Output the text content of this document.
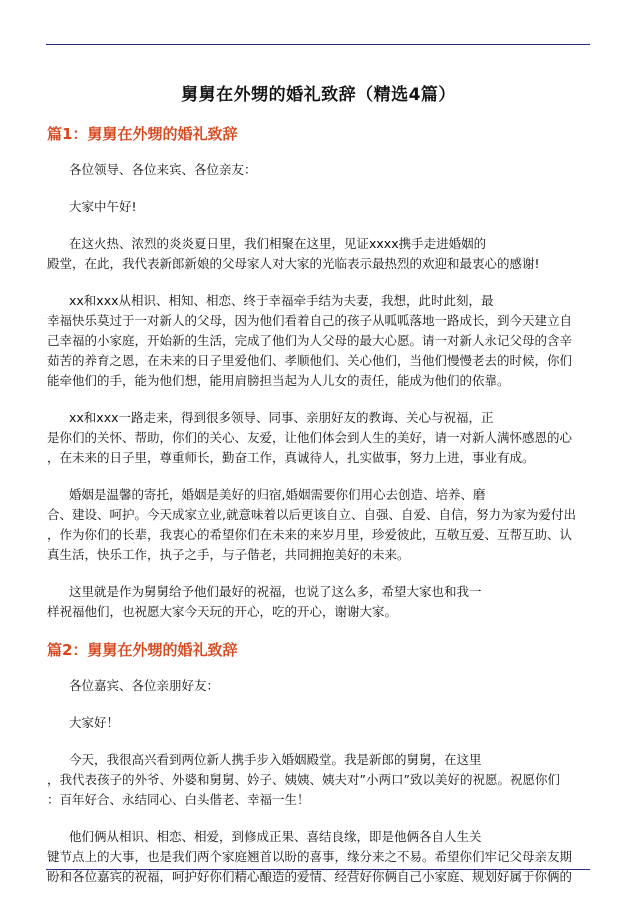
舅舅在外甥的婚礼致辞（精选4篇）
篇1：舅舅在外甥的婚礼致辞

各位领导、各位来宾、各位亲友：

大家中午好!

在这火热、浓烈的炎炎夏日里，我们相聚在这里，见证xxxx携手走进婚姻的
殿堂，在此，我代表新郎新娘的父母家人对大家的光临表示最热烈的欢迎和最衷心的感谢!

xx和xxx从相识、相知、相恋、终于幸福牵手结为夫妻，我想，此时此刻，最
幸福快乐莫过于一对新人的父母，因为他们看着自己的孩子从呱呱落地一路成长，到今天建立自
己幸福的小家庭，开始新的生活，完成了他们为人父母的最大心愿。请一对新人永记父母的含辛
茹苦的养育之恩，在未来的日子里爱他们、孝顺他们、关心他们，当他们慢慢老去的时候，你们
能牵他们的手，能为他们想，能用肩膀担当起为人儿女的责任，能成为他们的依靠。

xx和xxx一路走来，得到很多领导、同事、亲朋好友的教诲、关心与祝福，正
是你们的关怀、帮助，你们的关心、友爱，让他们体会到人生的美好，请一对新人满怀感恩的心
，在未来的日子里，尊重师长，勤奋工作，真诚待人，扎实做事，努力上进，事业有成。

婚姻是温馨的寄托，婚姻是美好的归宿,婚姻需要你们用心去创造、培养、磨
合、建设、呵护。今天成家立业,就意味着以后更该自立、自强、自爱、自信，努力为家为爱付出
，作为你们的长辈，我衷心的希望你们在未来的来岁月里，珍爱彼此，互敬互爱、互帮互助、认
真生活，快乐工作，执子之手，与子偕老，共同拥抱美好的未来。

这里就是作为舅舅给予他们最好的祝福，也说了这么多，希望大家也和我一
样祝福他们，也祝愿大家今天玩的开心，吃的开心，谢谢大家。

篇2：舅舅在外甥的婚礼致辞

各位嘉宾、各位亲朋好友：

大家好！

今天，我很高兴看到两位新人携手步入婚姻殿堂。我是新郎的舅舅，在这里
，我代表孩子的外爷、外婆和舅舅、妗子、姨姨、姨夫对”小两口”致以美好的祝愿。祝愿你们
：百年好合、永结同心、白头偕老、幸福一生！

他们俩从相识、相恋、相爱，到修成正果、喜结良缘，即是他俩各自人生关
键节点上的大事，也是我们两个家庭翘首以盼的喜事，缘分来之不易。希望你们牢记父母亲友期
盼和各位嘉宾的祝福，呵护好你们精心酿造的爱情、经营好你俩自己小家庭、规划好属于你俩的
